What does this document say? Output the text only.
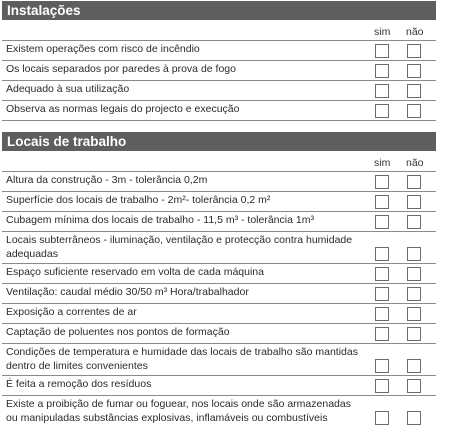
Instalações
sim não
Existem operações com risco de incêndio
Os locais separados por paredes à prova de fogo
Adequado à sua utilização
Observa as normas legais do projecto e execução
Locais de trabalho
sim não
Altura da construção - 3m - tolerância 0,2m
Superfície dos locais de trabalho - 2m²- tolerância 0,2 m²
Cubagem mínima dos locais de trabalho - 11,5 m³ - tolerância 1m³
Locais subterrâneos - iluminação, ventilação e protecção contra humidade adequadas
Espaço suficiente reservado em volta de cada máquina
Ventilação: caudal médio 30/50 m³ Hora/trabalhador
Exposição a correntes de ar
Captação de poluentes nos pontos de formação
Condições de temperatura e humidade das locais de trabalho são mantidas dentro de limites convenientes
É feita a remoção dos resíduos
Existe a proibição de fumar ou foguear, nos locais onde são armazenadas ou manipuladas substâncias explosivas, inflamáveis ou combustíveis
